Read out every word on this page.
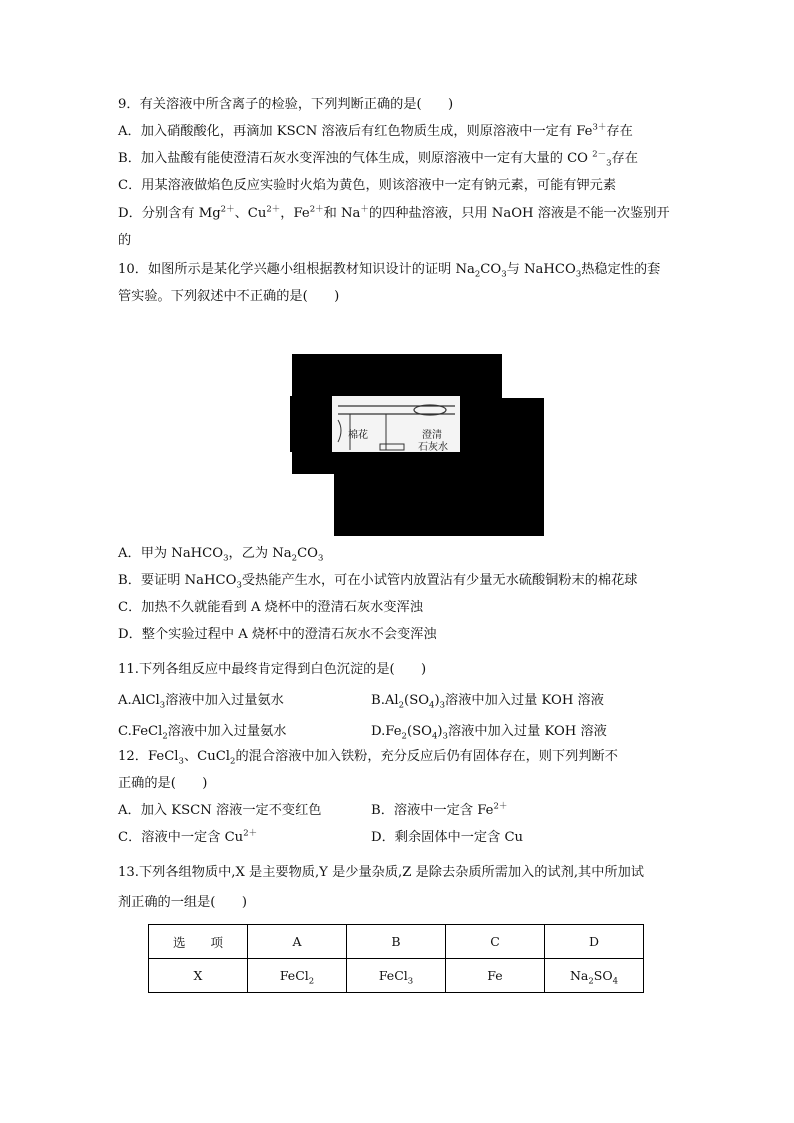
9．有关溶液中所含离子的检验，下列判断正确的是(　　)
A．加入硝酸酸化，再滴加 KSCN 溶液后有红色物质生成，则原溶液中一定有 $Fe^{3+}$存在
B．加入盐酸有能使澄清石灰水变浑浊的气体生成，则原溶液中一定有大量的 CO $^{2-}_3$存在
C．用某溶液做焰色反应实验时火焰为黄色，则该溶液中一定有钠元素，可能有钾元素
D．分别含有 $Mg^{2+}$、$Cu^{2+}$，$Fe^{2+}$和 Na＋的四种盐溶液，只用 NaOH 溶液是不能一次鉴别开
的
10．如图所示是某化学兴趣小组根据教材知识设计的证明 $Na_2CO_3$与 NaHCO$_3$热稳定性的套
管实验。下列叙述中不正确的是(　　)
棉花	澄清
石灰水
A．甲为 NaHCO$_3$，乙为 $Na_2CO_3$
B．要证明 NaHCO$_3$受热能产生水，可在小试管内放置沾有少量无水硫酸铜粉末的棉花球
C．加热不久就能看到 A 烧杯中的澄清石灰水变浑浊
D．整个实验过程中 A 烧杯中的澄清石灰水不会变浑浊
11.下列各组反应中最终肯定得到白色沉淀的是(　　)
A.AlCl$_3$溶液中加入过量氨水	$B.Al_2(SO_4)_3$溶液中加入过量 KOH 溶液
C.FeCl$_2$溶液中加入过量氨水	$D.Fe_2(SO_4)_3$溶液中加入过量 KOH 溶液
12．FeCl$_3$、CuCl$_2$的混合溶液中加入铁粉，充分反应后仍有固体存在，则下列判断不
正确的是(　　)
A．加入 KSCN 溶液一定不变红色	B．溶液中一定含 $Fe^{2+}$
C．溶液中一定含 $Cu^{2+}$	D．剩余固体中一定含 Cu
13.下列各组物质中,X 是主要物质,Y 是少量杂质,Z 是除去杂质所需加入的试剂,其中所加试
剂正确的一组是(　　)
选　　项	A	B	C	D
X	FeCl$_2$	FeCl$_3$	Fe	$Na_2SO_4$
